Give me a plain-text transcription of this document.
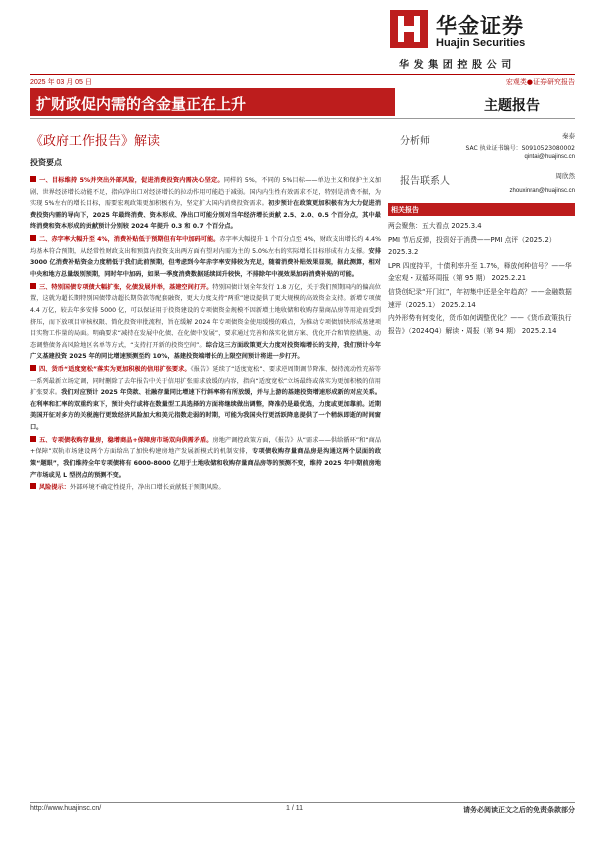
华金证券
Huajin Securities
华发集团控股公司
2025 年 03 月 05 日	宏观类●证券研究报告
扩财政促内需的含金量正在上升	主题报告
《政府工作报告》解读
投资要点

一、目标维持 5%并突出外部风险，促进消费投资内需决心坚定。同样的 5%，不同的 5%目标——单边主义和保护主义加剧、世界经济增长动能不足，指向净出口对经济增长的拉动作用可能趋于减弱。国内内生性有效需求不足，特别是消费不振，为实现 5%左右的增长目标，需要宏观政策更加积极有为，坚定扩大国内消费投资需求。初步预计在政策更加积极有为大力促进消费投资内需的导向下，2025 年最终消费、资本形成、净出口可能分别对当年经济增长贡献 2.5、2.0、0.5 个百分点，其中最终消费和资本形成的贡献预计分别较 2024 年提升 0.3 和 0.7 个百分点。

二、赤字率大幅升至 4%，消费补贴低于预期但有年中加码可能。赤字率大幅提升 1 个百分点至 4%，财政支出增长约 4.4%均基本符合预期，从经常性财政支出和预算内投资支出两方面有望对内需为主的 5.0%左右的实际增长目标形成有力支撑。安排 3000 亿消费补贴资金力度稍低于我们此前预期，但考虑到今年赤字率安排较为充足，随着消费补贴效果显现，据此测算，相对中央和地方总量级别预期，同时年中加码，如果一季度消费数据延续回升较快，不排除年中视效果加码消费补贴的可能。

三、特别国债专项债大幅扩张，化债发展并举，基建空间打开。特别国债计划全年发行 1.8 万亿，关于我们预期国内的偏高位置，这就为超长期特别国债带动超长期贷款等配套融资，更大力度支持“两重”建设提供了更大规模的高效资金支持。新增专项债 4.4 万亿，较去年多安排 5000 亿，可以保证用于投资建设的专项债资金规模不因新增土地收储和收购存量商品房等用途而受到挤压，而下放项目审核权限、简化投资审批流程，旨在缓解 2024 年专项债资金使用缓慢的难点，为推动专项债加快形成基建项目实物工作量的局面。明确要求“减持在发展中化债、在化债中发展”，要求通过完善和落实化债方案、优化开合和管控措施、动态调整债务高风险地区名单等方式，“支持打开新的投资空间”。综合这三方面政策更大力度对投资端增长的支持，我们预计今年广义基建投资 2025 年的同比增速预测至约 10%，基建投资端增长的上限空间预计将进一步打开。

四、货币“适度宽松”落实为更加积极的信用扩张要求。《报告》延续了“适度宽松”、要求逆周期调节降准、保持流动性充裕等一系列最新立场定调，同时删除了去年报告中关于信用扩张需求放缓的内容，指向“适度宽松”立场最终或落实为更加积极的信用扩张要求。我们对应预计 2025 年贷款、社融存量同比增速下行斜率将有所放缓，并与上游的基建投资增速形成新的对应关系。在利率和汇率的双重约束下，预计央行或将在数量型工具选择的方面将继续做出调整，降准仍是最优选，力度或更加靠前。近期美国开征对多方的关税施行更致经济风险加大和美元指数走弱的时期，可能为我国央行更活跃降息提供了一个稍纵即逝的时间窗口。

五、专项债收购存量房，稳增商品+保障房市场双向供需矛盾。房地产调控政策方面，《报告》从“需求——供给循环”和“商品+保障”双轨市场建设两个方面给出了加快构建房地产发展新模式的机制安排，专项债收购存量商品房是沟通这两个层面的政策“题眼”，我们维持全年专项债将有 6000-8000 亿用于土地收储和收购存量商品房等的预测不变，维持 2025 年中期前房地产市场或见 L 型拐点的预测不变。

风险提示：外部环境不确定性提升，净出口增长贡献低于预期风险。

分析师	秦泰
SAC 执业证书编号：S0910523080002
qintai@huajinsc.cn
报告联系人	周欣然
zhouxinran@huajinsc.cn
相关报告
两会聚焦：五大看点 2025.3.4
PMI 节后反弹，投资好于消费——PMI 点评（2025.2） 2025.3.2
LPR 四度持平，十债利率升至 1.7%，释放何种信号？——华金宏观・双循环周报（第 95 期） 2025.2.21
信贷创纪录“开门红”，年初集中还是全年趋高？——金融数据速评（2025.1） 2025.2.14
内外形势有何变化，货币如何调整优化？——《货币政策执行报告》（2024Q4）解读・周报（第 94 期） 2025.2.14
http://www.huajinsc.cn/	1 / 11	请务必阅读正文之后的免责条款部分
